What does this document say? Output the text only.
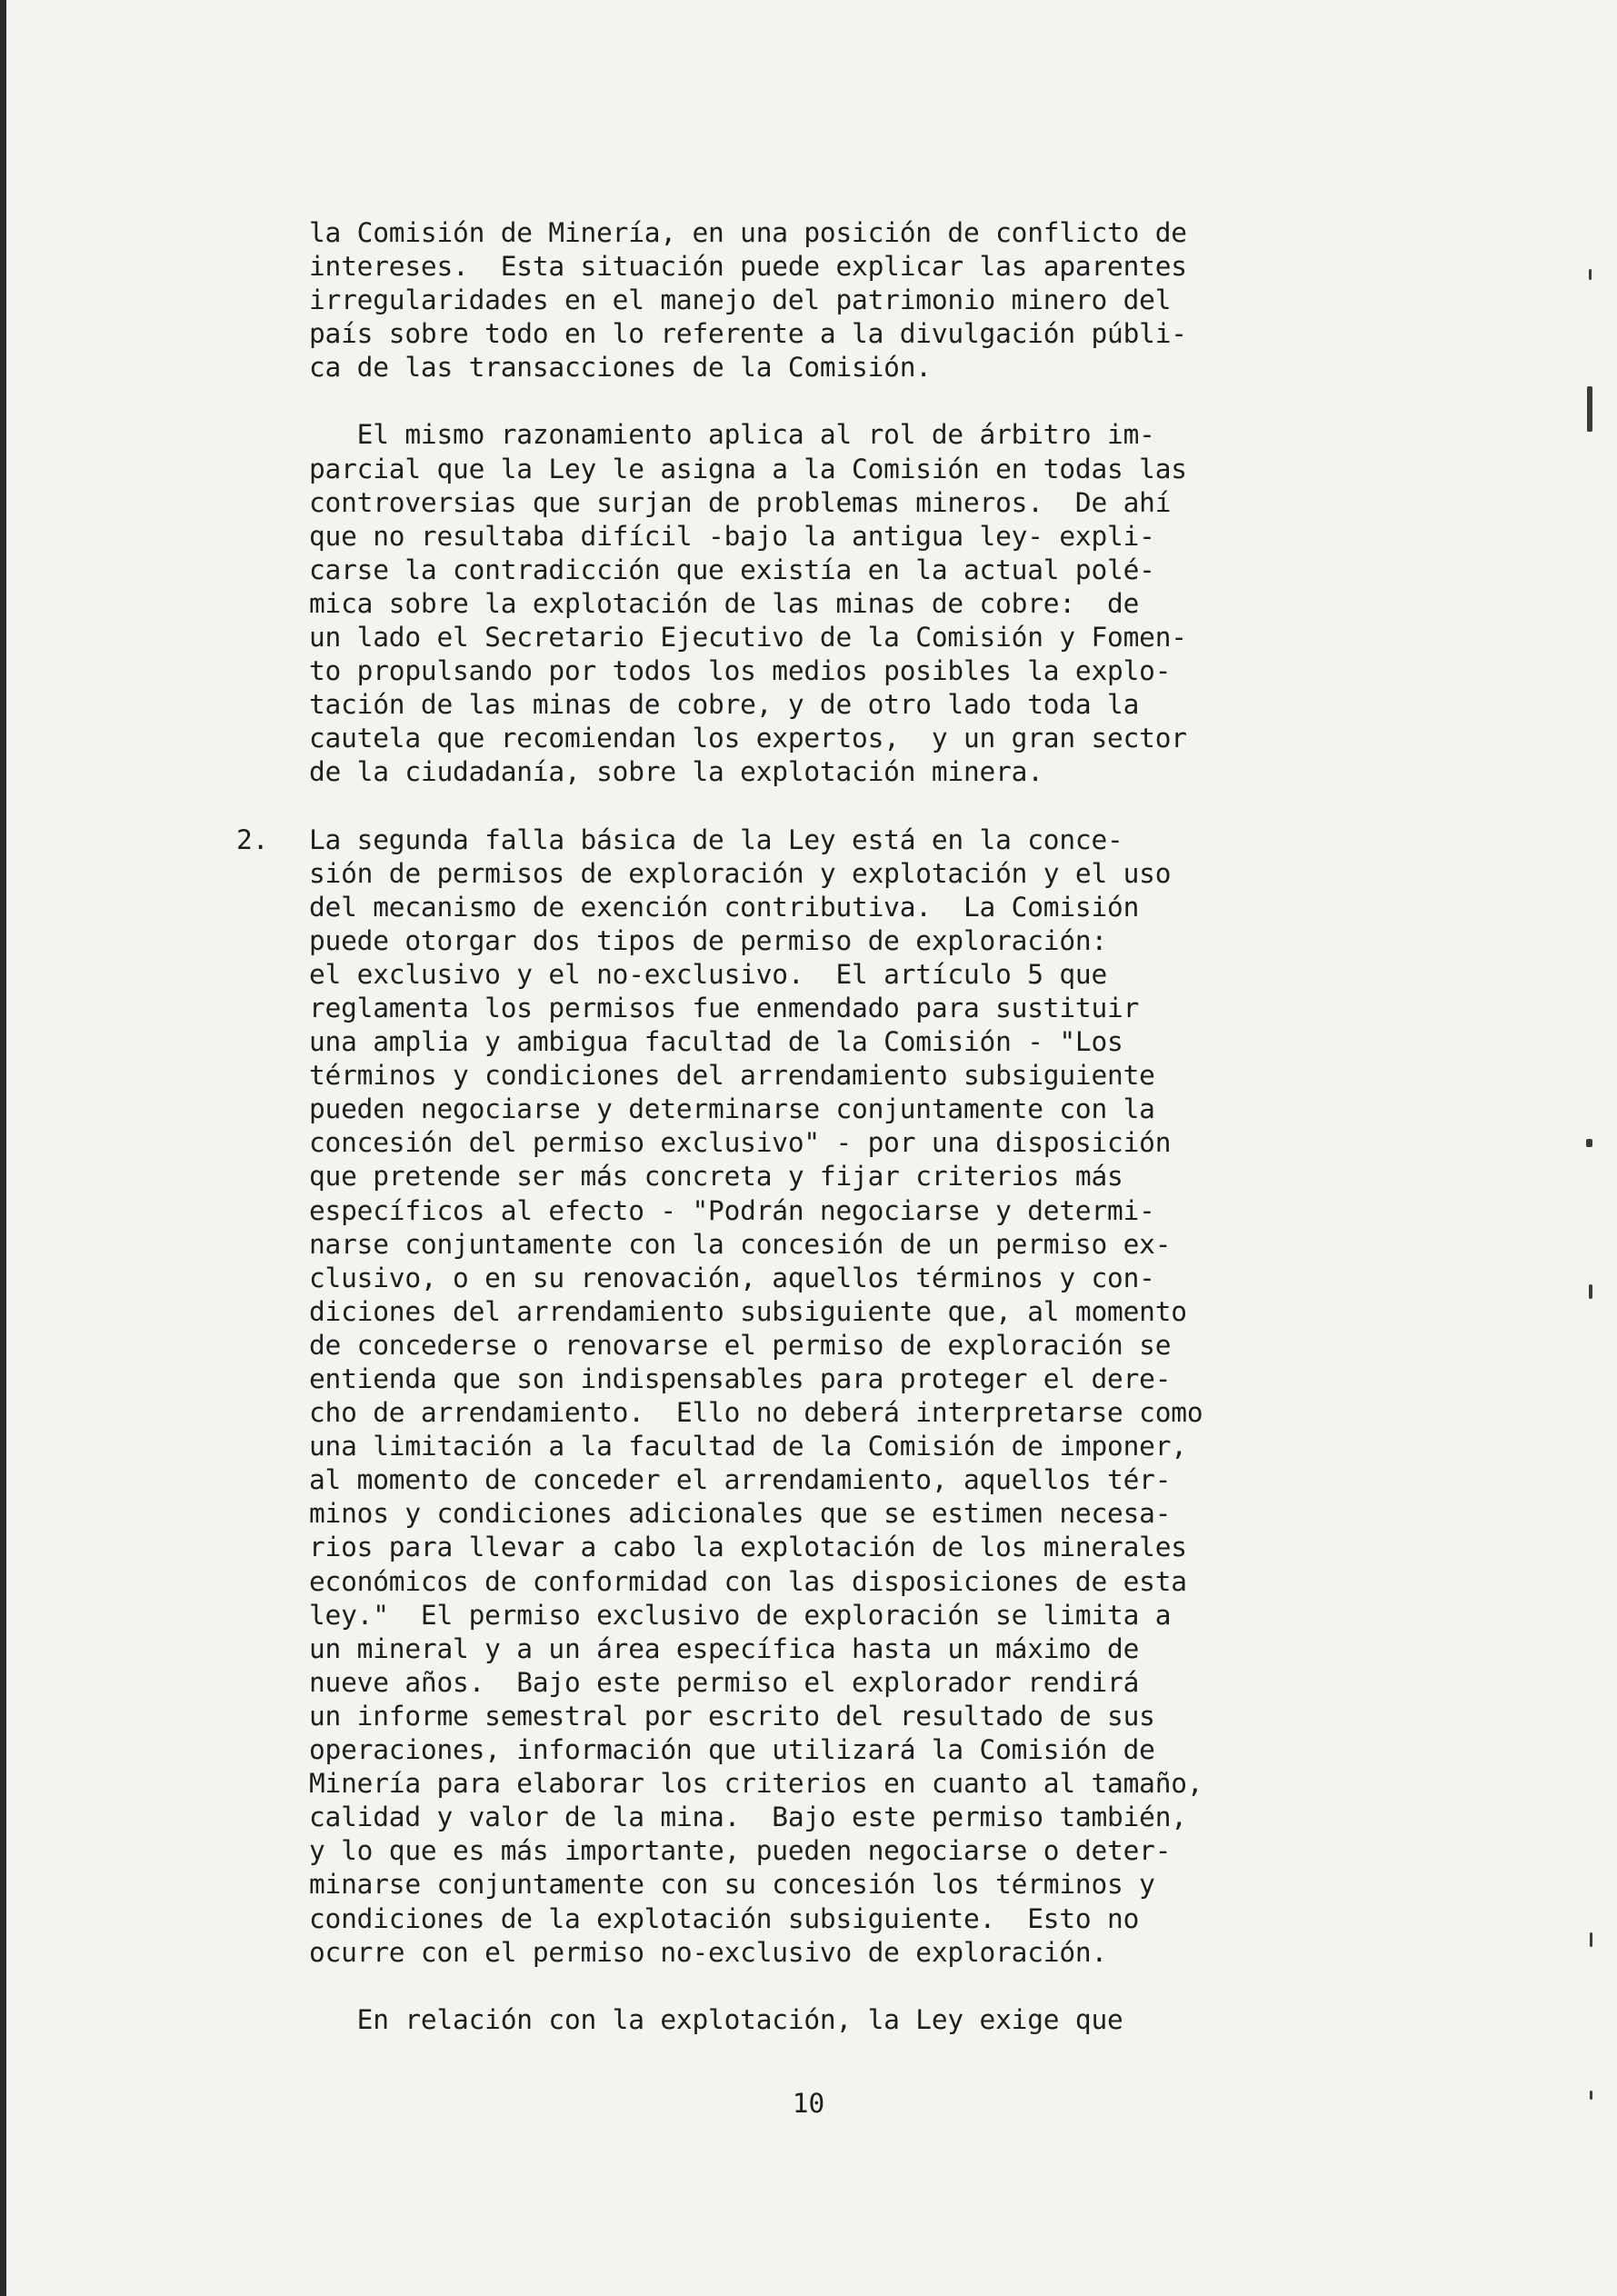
la Comisión de Minería, en una posición de conflicto de
intereses.  Esta situación puede explicar las aparentes
irregularidades en el manejo del patrimonio minero del
país sobre todo en lo referente a la divulgación públi-
ca de las transacciones de la Comisión.
El mismo razonamiento aplica al rol de árbitro im-
parcial que la Ley le asigna a la Comisión en todas las
controversias que surjan de problemas mineros.  De ahí
que no resultaba difícil -bajo la antigua ley- expli-
carse la contradicción que existía en la actual polé-
mica sobre la explotación de las minas de cobre:  de
un lado el Secretario Ejecutivo de la Comisión y Fomen-
to propulsando por todos los medios posibles la explo-
tación de las minas de cobre, y de otro lado toda la
cautela que recomiendan los expertos,  y un gran sector
de la ciudadanía, sobre la explotación minera.
2. La segunda falla básica de la Ley está en la conce-
sión de permisos de exploración y explotación y el uso
del mecanismo de exención contributiva.  La Comisión
puede otorgar dos tipos de permiso de exploración:
el exclusivo y el no-exclusivo.  El artículo 5 que
reglamenta los permisos fue enmendado para sustituir
una amplia y ambigua facultad de la Comisión - "Los
términos y condiciones del arrendamiento subsiguiente
pueden negociarse y determinarse conjuntamente con la
concesión del permiso exclusivo" - por una disposición
que pretende ser más concreta y fijar criterios más
específicos al efecto - "Podrán negociarse y determi-
narse conjuntamente con la concesión de un permiso ex-
clusivo, o en su renovación, aquellos términos y con-
diciones del arrendamiento subsiguiente que, al momento
de concederse o renovarse el permiso de exploración se
entienda que son indispensables para proteger el dere-
cho de arrendamiento.  Ello no deberá interpretarse como
una limitación a la facultad de la Comisión de imponer,
al momento de conceder el arrendamiento, aquellos tér-
minos y condiciones adicionales que se estimen necesa-
rios para llevar a cabo la explotación de los minerales
económicos de conformidad con las disposiciones de esta
ley."  El permiso exclusivo de exploración se limita a
un mineral y a un área específica hasta un máximo de
nueve años.  Bajo este permiso el explorador rendirá
un informe semestral por escrito del resultado de sus
operaciones, información que utilizará la Comisión de
Minería para elaborar los criterios en cuanto al tamaño,
calidad y valor de la mina.  Bajo este permiso también,
y lo que es más importante, pueden negociarse o deter-
minarse conjuntamente con su concesión los términos y
condiciones de la explotación subsiguiente.  Esto no
ocurre con el permiso no-exclusivo de exploración.
En relación con la explotación, la Ley exige que
10
